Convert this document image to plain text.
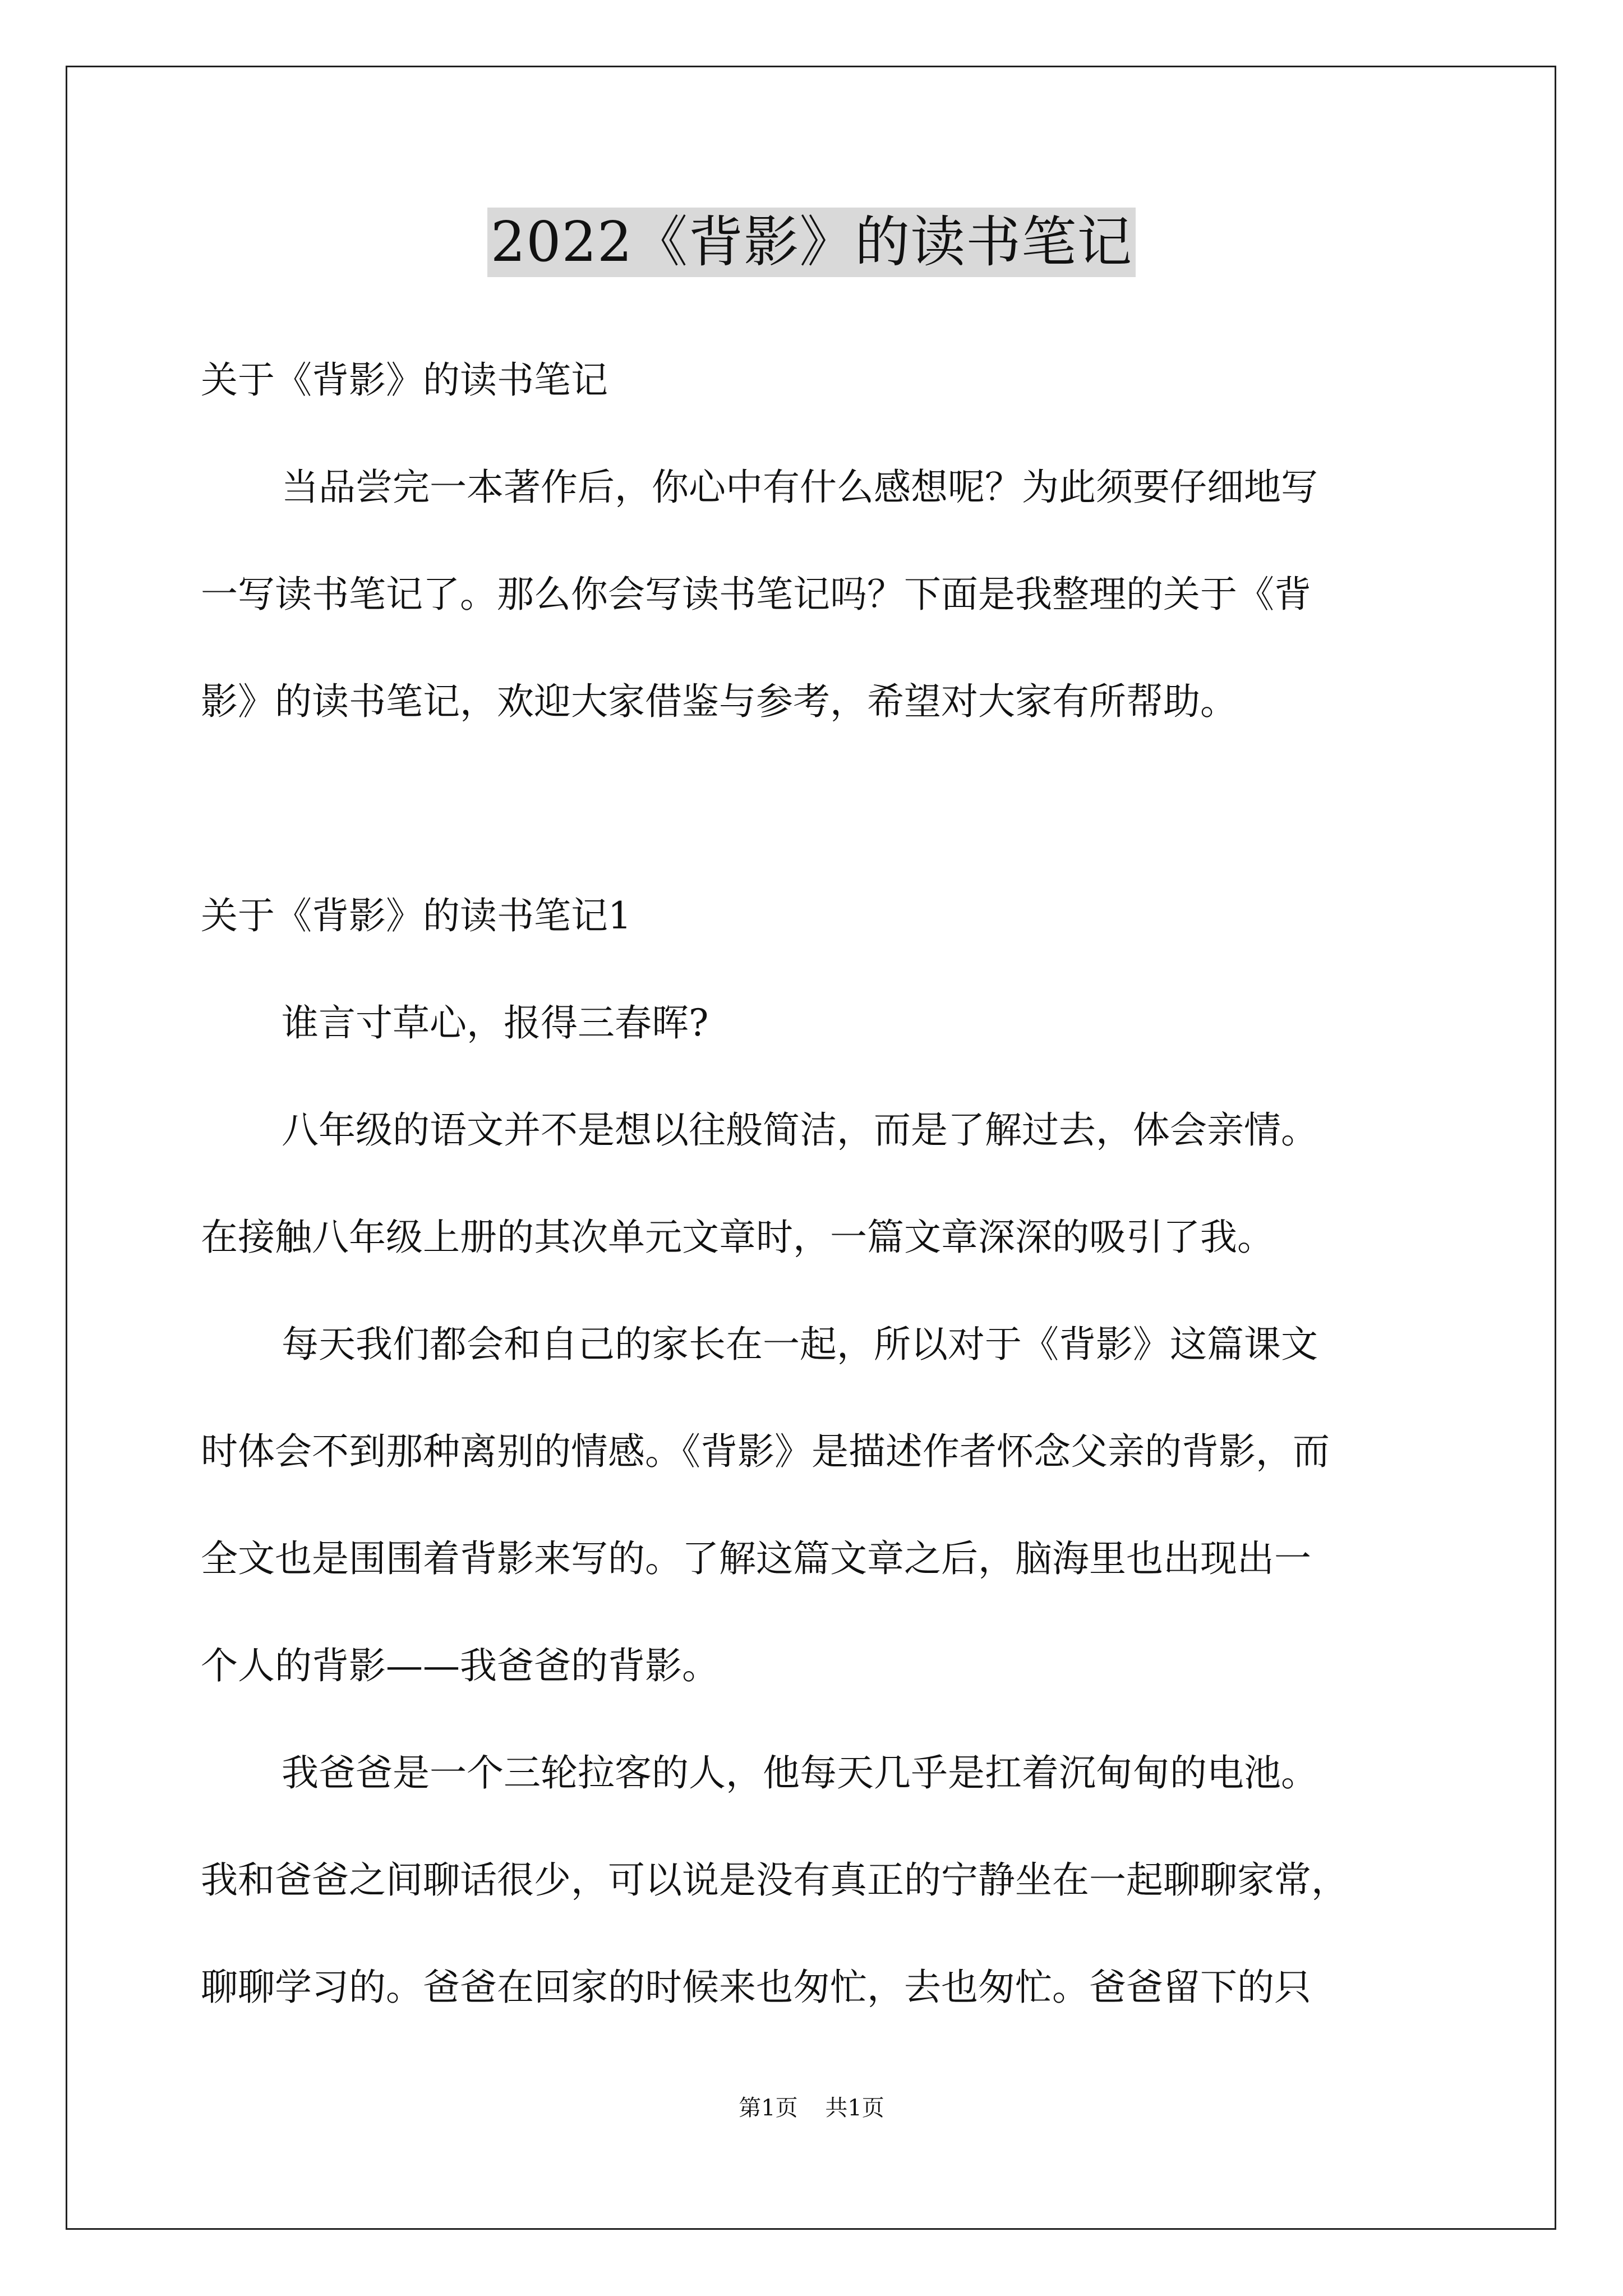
2022《背影》的读书笔记

关于《背影》的读书笔记

当品尝完一本著作后，你心中有什么感想呢？为此须要仔细地写

一写读书笔记了。那么你会写读书笔记吗？下面是我整理的关于《背

影》的读书笔记，欢迎大家借鉴与参考，希望对大家有所帮助。

关于《背影》的读书笔记1

谁言寸草心，报得三春晖?

八年级的语文并不是想以往般简洁，而是了解过去，体会亲情。

在接触八年级上册的其次单元文章时，一篇文章深深的吸引了我。

每天我们都会和自己的家长在一起，所以对于《背影》这篇课文

时体会不到那种离别的情感。《背影》是描述作者怀念父亲的背影，而

全文也是围围着背影来写的。了解这篇文章之后，脑海里也出现出一

个人的背影——我爸爸的背影。

我爸爸是一个三轮拉客的人，他每天几乎是扛着沉甸甸的电池。

我和爸爸之间聊话很少，可以说是没有真正的宁静坐在一起聊聊家常，

聊聊学习的。爸爸在回家的时候来也匆忙，去也匆忙。爸爸留下的只

第1页 共1页
